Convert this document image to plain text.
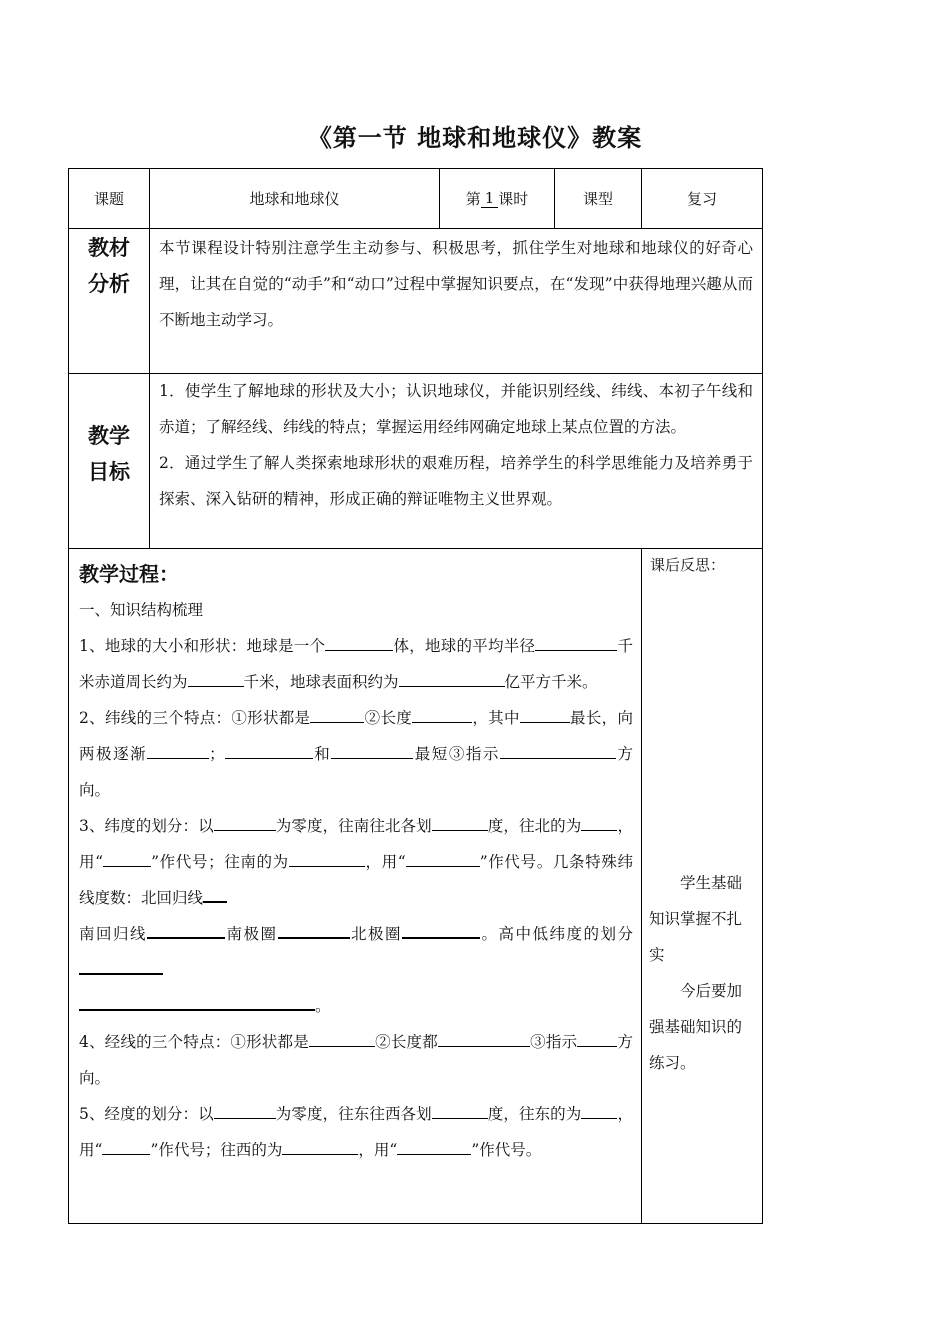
《第一节 地球和地球仪》教案
课题	地球和地球仪	第 1 课时	课型	复习
教材
分析
本节课程设计特别注意学生主动参与、积极思考，抓住学生对地球和地球仪的好奇心理，让其在自觉的“动手”和“动口”过程中掌握知识要点，在“发现”中获得地理兴趣从而不断地主动学习。
教学
目标

1．使学生了解地球的形状及大小；认识地球仪，并能识别经线、纬线、本初子午线和赤道；了解经线、纬线的特点；掌握运用经纬网确定地球上某点位置的方法。

2．通过学生了解人类探索地球形状的艰难历程，培养学生的科学思维能力及培养勇于探索、深入钻研的精神，形成正确的辩证唯物主义世界观。

教学过程：

一、知识结构梳理

1、地球的大小和形状：地球是一个	体，地球的平均半径	千米赤道周长约为	千米，地球表面积约为	亿平方千米。

2、纬线的三个特点：①形状都是	②长度	，其中	最长，向两极逐渐	；	和	最短③指示	方向。

3、纬度的划分：以	为零度，往南往北各划	度，往北的为 ，用“	”作代号；往南的为	，用“	”作代号。几条特殊纬线度数：北回归线
南回归线	南极圈	北极圈	。高中低纬度的划分
。

4、经线的三个特点：①形状都是	②长度都	③指示	方向。

5、经度的划分：以	为零度，往东往西各划	度，往东的为 ，用“	”作代号；往西的为	，用“	”作代号。

课后反思：

学生基础知识掌握不扎实

今后要加强基础知识的练习。
